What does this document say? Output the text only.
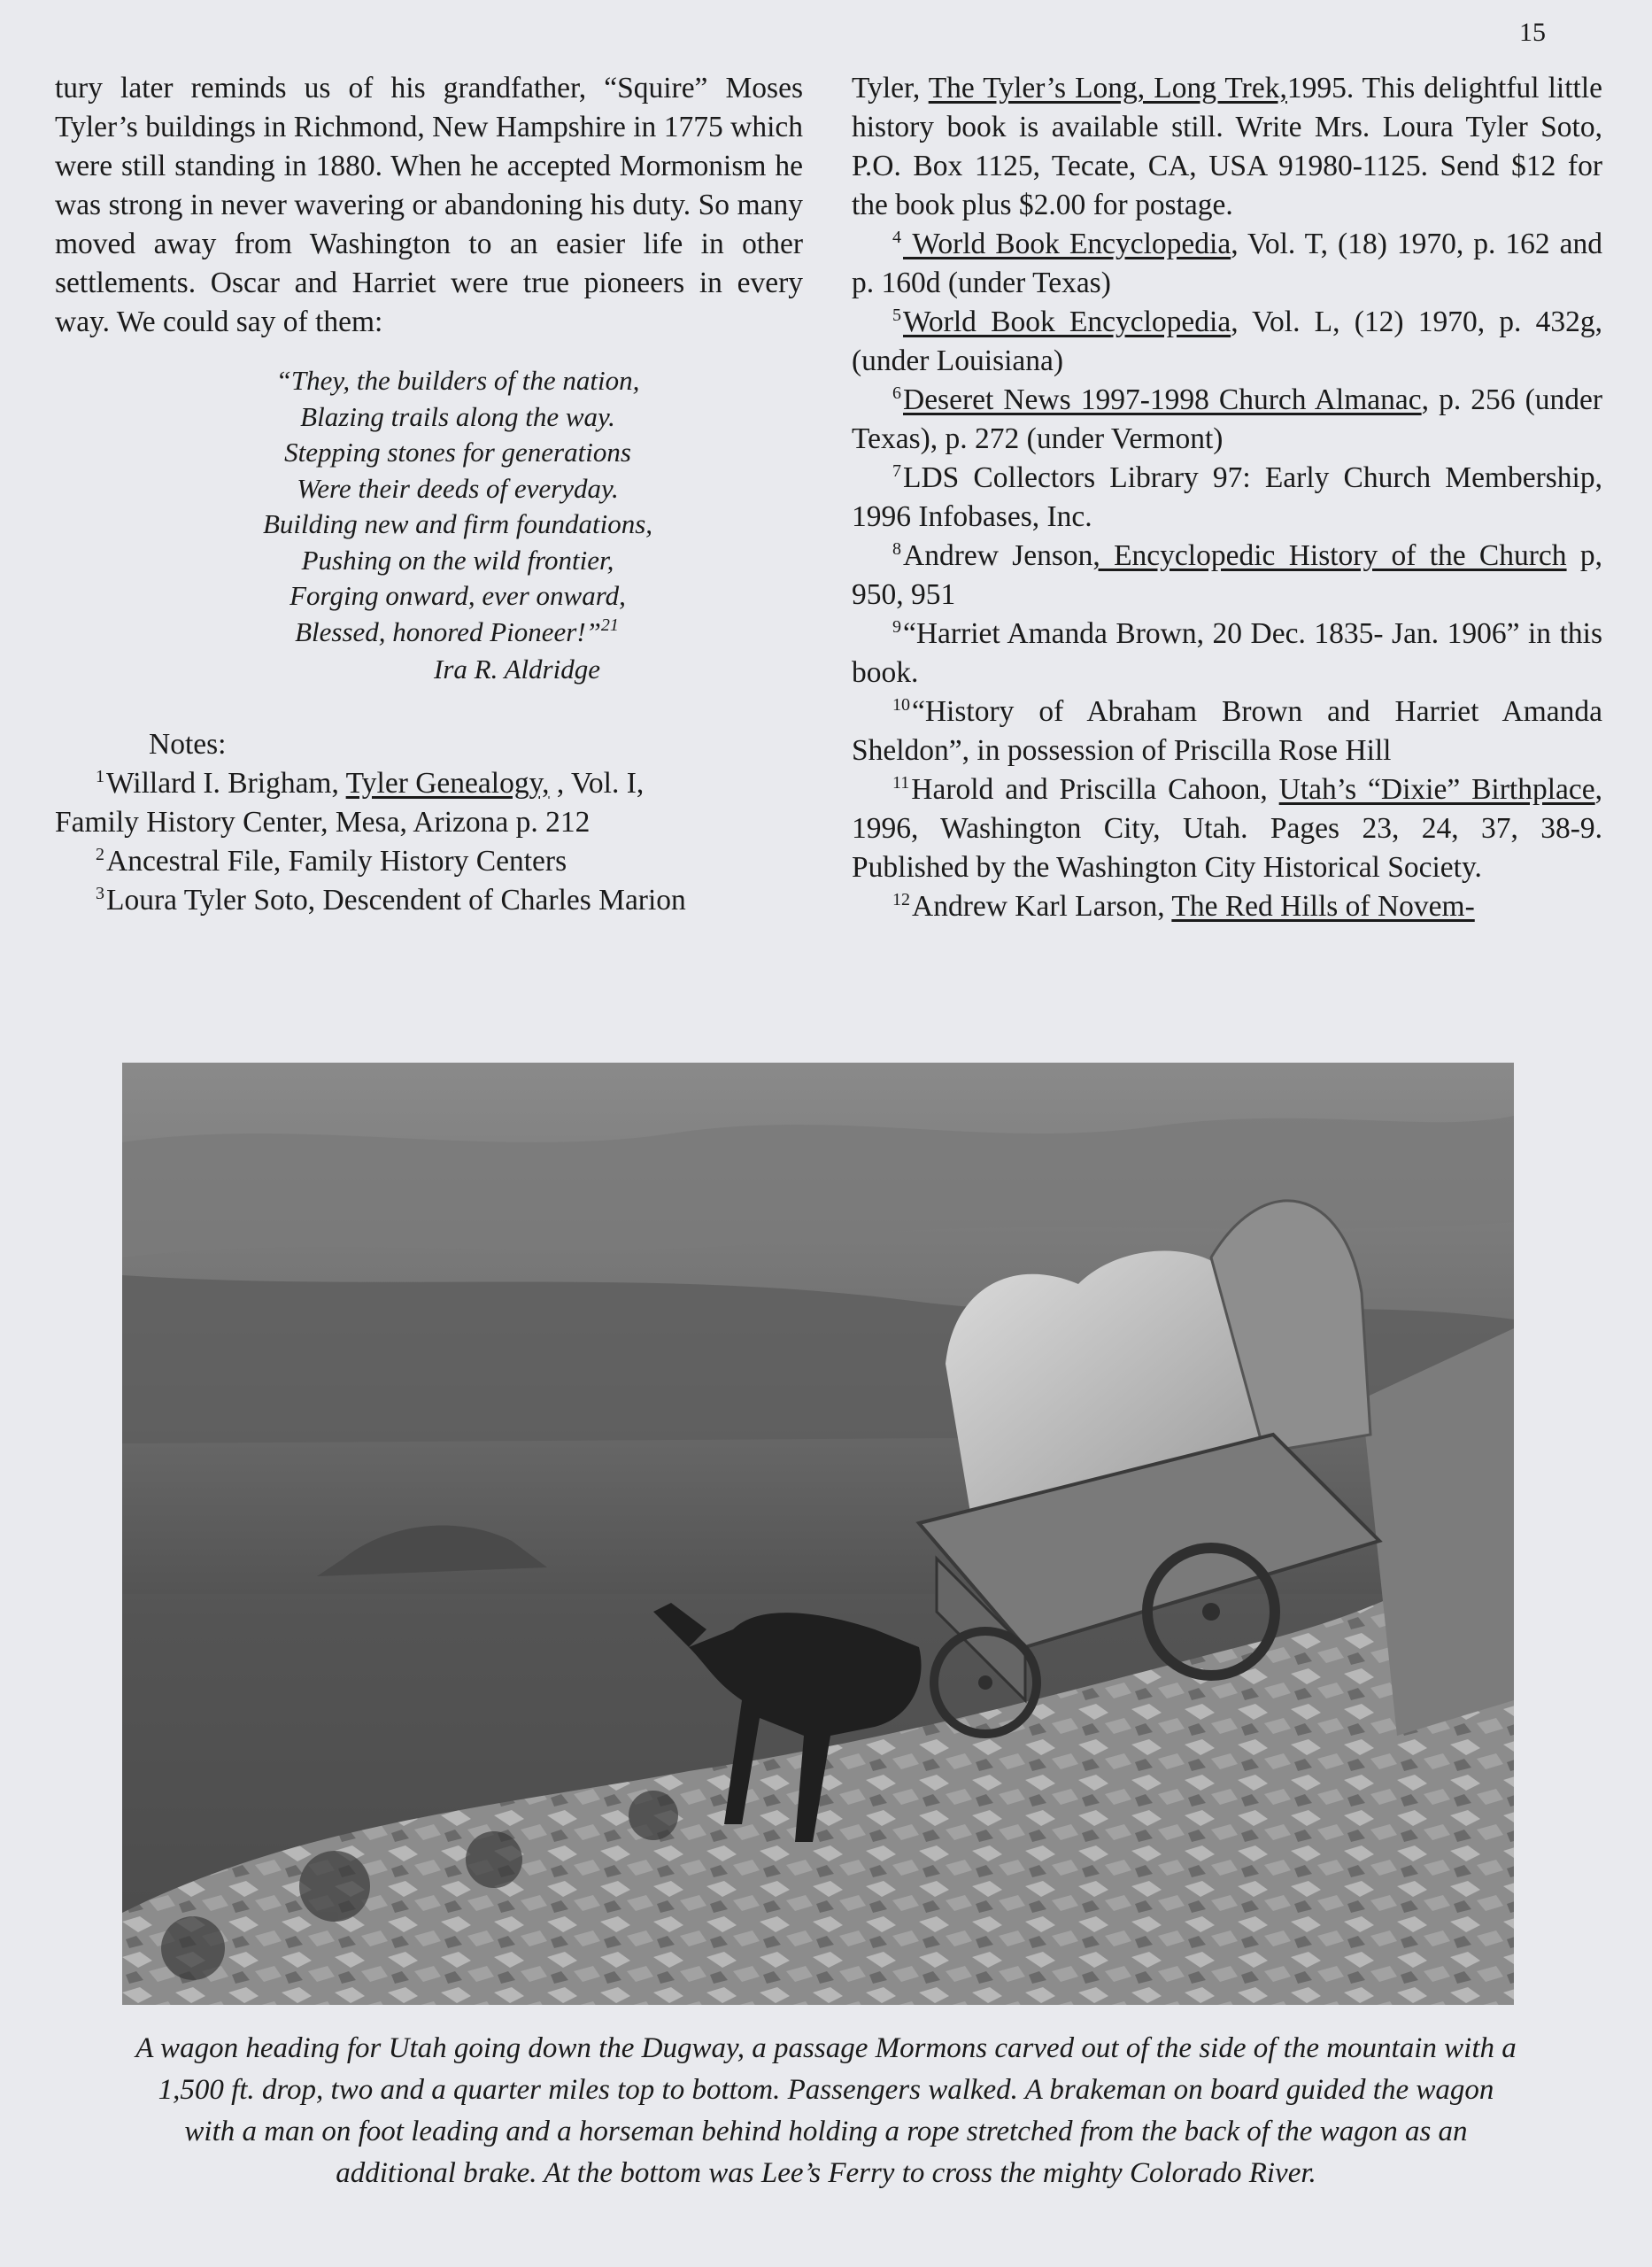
15

tury later reminds us of his grandfather, “Squire” Moses Tyler’s buildings in Richmond, New Hampshire in 1775 which were still standing in 1880. When he accepted Mormonism he was strong in never wavering or abandoning his duty. So many moved away from Washington to an easier life in other settlements. Oscar and Harriet were true pioneers in every way. We could say of them:

“They, the builders of the nation,
Blazing trails along the way.
Stepping stones for generations
Were their deeds of everyday.
Building new and firm foundations,
Pushing on the wild frontier,
Forging onward, ever onward,
Blessed, honored Pioneer!”$^{21}$
Ira R. Aldridge
Notes:
$^1$Willard I. Brigham, Tyler Genealogy, , Vol. I,
Family History Center, Mesa, Arizona p. 212
$^2$Ancestral File, Family History Centers
$^3$Loura Tyler Soto, Descendent of Charles Marion
Tyler, The Tyler’s Long, Long Trek,1995. This delightful little history book is available still. Write Mrs. Loura Tyler Soto, P.O. Box 1125, Tecate, CA, USA 91980-1125. Send $12 for the book plus $2.00 for postage.
$^4$ World Book Encyclopedia, Vol. T, (18) 1970, p. 162 and p. 160d (under Texas)
$^5$World Book Encyclopedia, Vol. L, (12) 1970, p. 432g, (under Louisiana)
$^6$Deseret News 1997-1998 Church Almanac, p. 256 (under Texas), p. 272 (under Vermont)
$^7$LDS Collectors Library 97: Early Church Membership, 1996 Infobases, Inc.
$^8$Andrew Jenson, Encyclopedic History of the Church p, 950, 951
$^9$“Harriet Amanda Brown, 20 Dec. 1835- Jan. 1906” in this book.
$^{10}$“History of Abraham Brown and Harriet Amanda Sheldon”, in possession of Priscilla Rose Hill
$^{11}$Harold and Priscilla Cahoon, Utah’s “Dixie” Birthplace, 1996, Washington City, Utah. Pages 23, 24, 37, 38-9. Published by the Washington City Historical Society.
$^{12}$Andrew Karl Larson, The Red Hills of Novem-
A wagon heading for Utah going down the Dugway, a passage Mormons carved out of the side of the mountain with a 1,500 ft. drop, two and a quarter miles top to bottom. Passengers walked. A brakeman on board guided the wagon with a man on foot leading and a horseman behind holding a rope stretched from the back of the wagon as an additional brake. At the bottom was Lee’s Ferry to cross the mighty Colorado River.
